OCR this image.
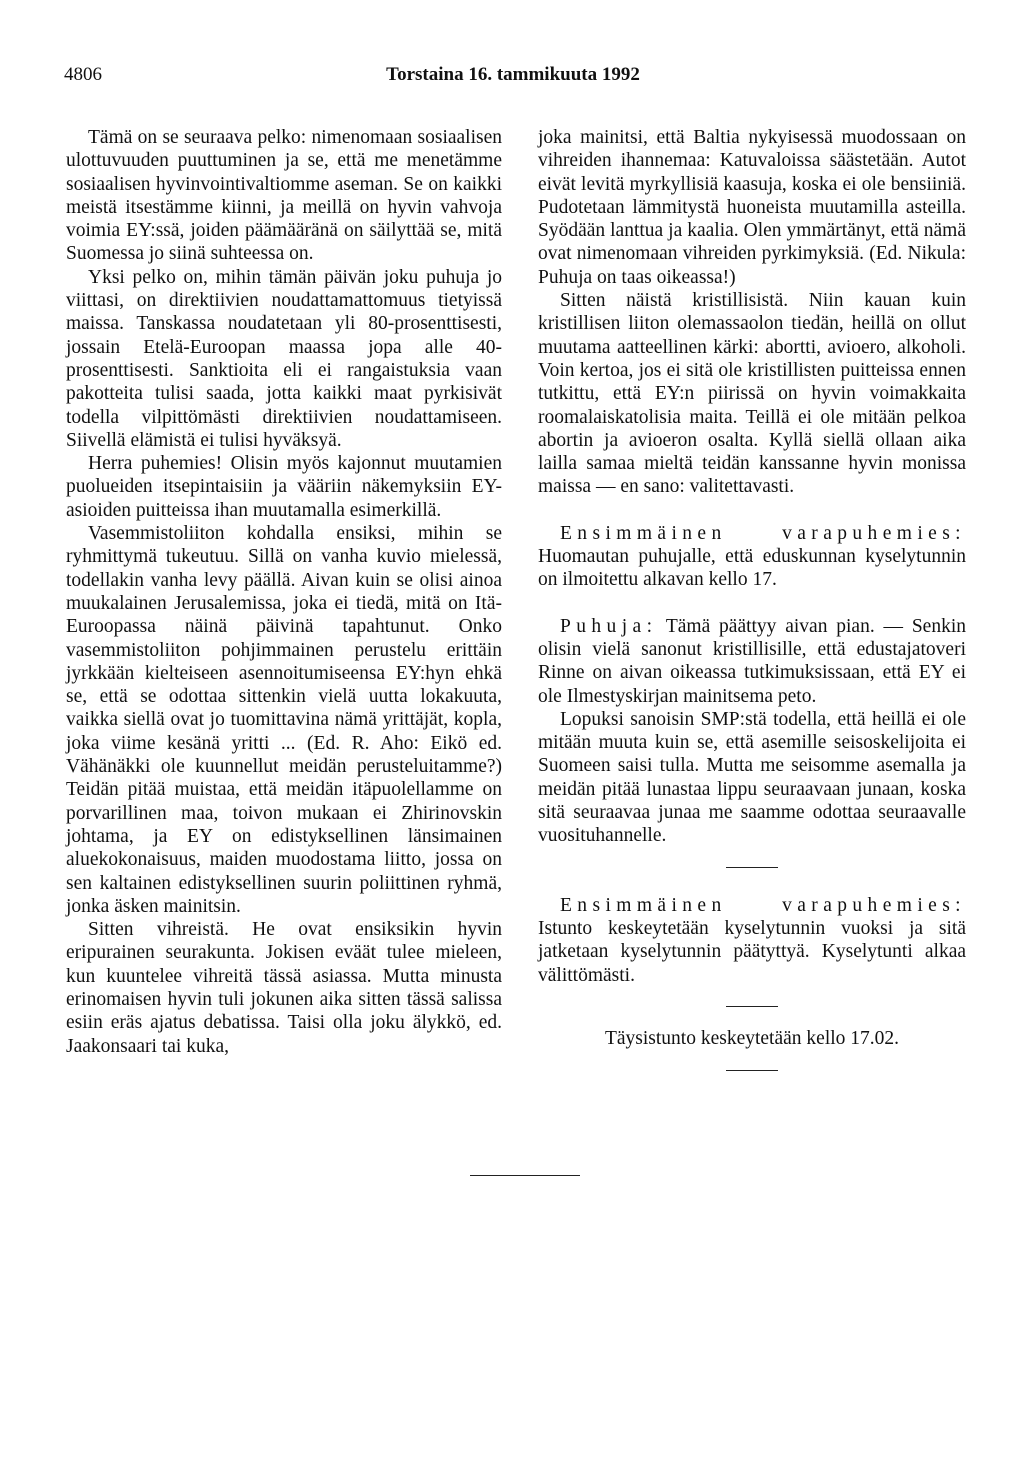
4806	Torstaina 16. tammikuuta 1992

Tämä on se seuraava pelko: nimenomaan sosiaalisen ulottuvuuden puuttuminen ja se, että me menetämme sosiaalisen hyvinvointivaltiomme aseman. Se on kaikki meistä itsestämme kiinni, ja meillä on hyvin vahvoja voimia EY:ssä, joiden päämääränä on säilyttää se, mitä Suomessa jo siinä suhteessa on.

Yksi pelko on, mihin tämän päivän joku puhuja jo viittasi, on direktiivien noudattamattomuus tietyissä maissa. Tanskassa noudatetaan yli 80-prosenttisesti, jossain Etelä-Euroopan maassa jopa alle 40-prosenttisesti. Sanktioita eli ei rangaistuksia vaan pakotteita tulisi saada, jotta kaikki maat pyrkisivät todella vilpittömästi direktiivien noudattamiseen. Siivellä elämistä ei tulisi hyväksyä.

Herra puhemies! Olisin myös kajonnut muutamien puolueiden itsepintaisiin ja vääriin näkemyksiin EY-asioiden puitteissa ihan muutamalla esimerkillä.

Vasemmistoliiton kohdalla ensiksi, mihin se ryhmittymä tukeutuu. Sillä on vanha kuvio mielessä, todellakin vanha levy päällä. Aivan kuin se olisi ainoa muukalainen Jerusalemissa, joka ei tiedä, mitä on Itä-Euroopassa näinä päivinä tapahtunut. Onko vasemmistoliiton pohjimmainen perustelu erittäin jyrkkään kielteiseen asennoitumiseensa EY:hyn ehkä se, että se odottaa sittenkin vielä uutta lokakuuta, vaikka siellä ovat jo tuomittavina nämä yrittäjät, kopla, joka viime kesänä yritti ... (Ed. R. Aho: Eikö ed. Vähänäkki ole kuunnellut meidän perusteluitamme?) Teidän pitää muistaa, että meidän itäpuolellamme on porvarillinen maa, toivon mukaan ei Zhirinovskin johtama, ja EY on edistyksellinen länsimainen aluekokonaisuus, maiden muodostama liitto, jossa on sen kaltainen edistyksellinen suurin poliittinen ryhmä, jonka äsken mainitsin.

Sitten vihreistä. He ovat ensiksikin hyvin eripurainen seurakunta. Jokisen eväät tulee mieleen, kun kuuntelee vihreitä tässä asiassa. Mutta minusta erinomaisen hyvin tuli jokunen aika sitten tässä salissa esiin eräs ajatus debatissa. Taisi olla joku älykkö, ed. Jaakonsaari tai kuka,

joka mainitsi, että Baltia nykyisessä muodossaan on vihreiden ihannemaa: Katuvaloissa säästetään. Autot eivät levitä myrkyllisiä kaasuja, koska ei ole bensiiniä. Pudotetaan lämmitystä huoneista muutamilla asteilla. Syödään lanttua ja kaalia. Olen ymmärtänyt, että nämä ovat nimenomaan vihreiden pyrkimyksiä. (Ed. Nikula: Puhuja on taas oikeassa!)

Sitten näistä kristillisistä. Niin kauan kuin kristillisen liiton olemassaolon tiedän, heillä on ollut muutama aatteellinen kärki: abortti, avioero, alkoholi. Voin kertoa, jos ei sitä ole kristillisten puitteissa ennen tutkittu, että EY:n piirissä on hyvin voimakkaita roomalaiskatolisia maita. Teillä ei ole mitään pelkoa abortin ja avioeron osalta. Kyllä siellä ollaan aika lailla samaa mieltä teidän kanssanne hyvin monissa maissa — en sano: valitettavasti.

Ensimmäinen varapuhemies: Huomautan puhujalle, että eduskunnan kyselytunnin on ilmoitettu alkavan kello 17.

Puhuja: Tämä päättyy aivan pian. — Senkin olisin vielä sanonut kristillisille, että edustajatoveri Rinne on aivan oikeassa tutkimuksissaan, että EY ei ole Ilmestyskirjan mainitsema peto.

Lopuksi sanoisin SMP:stä todella, että heillä ei ole mitään muuta kuin se, että asemille seisoskelijoita ei Suomeen saisi tulla. Mutta me seisomme asemalla ja meidän pitää lunastaa lippu seuraavaan junaan, koska sitä seuraavaa junaa me saamme odottaa seuraavalle vuosituhannelle.

Ensimmäinen varapuhemies: Istunto keskeytetään kyselytunnin vuoksi ja sitä jatketaan kyselytunnin päätyttyä. Kyselytunti alkaa välittömästi.

Täysistunto keskeytetään kello 17.02.
